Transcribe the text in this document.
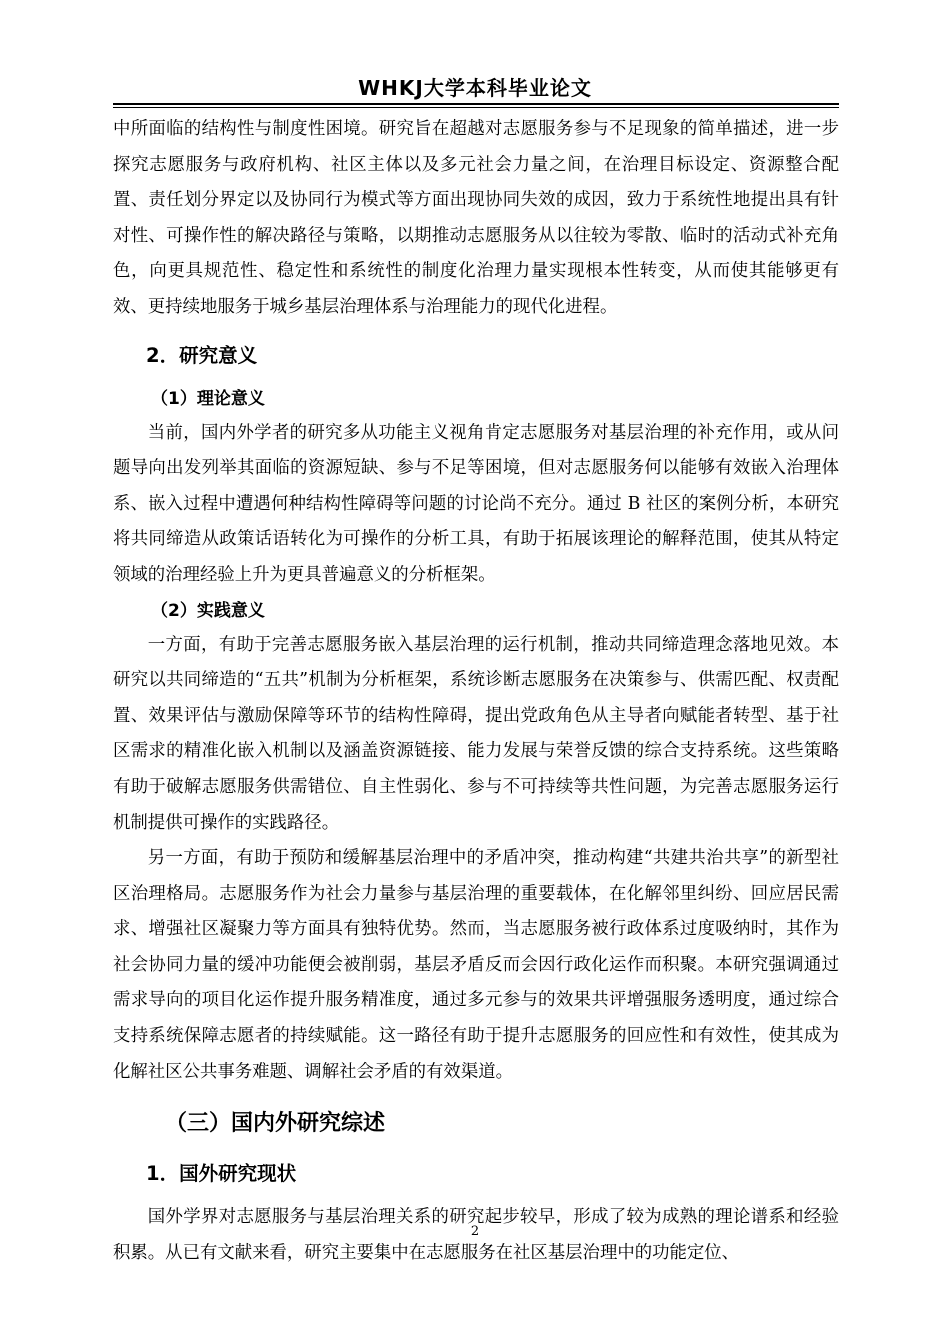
WHKJ大学本科毕业论文

中所面临的结构性与制度性困境。研究旨在超越对志愿服务参与不足现象的简单描述，进一步探究志愿服务与政府机构、社区主体以及多元社会力量之间，在治理目标设定、资源整合配置、责任划分界定以及协同行为模式等方面出现协同失效的成因，致力于系统性地提出具有针对性、可操作性的解决路径与策略，以期推动志愿服务从以往较为零散、临时的活动式补充角色，向更具规范性、稳定性和系统性的制度化治理力量实现根本性转变，从而使其能够更有效、更持续地服务于城乡基层治理体系与治理能力的现代化进程。

2．研究意义
（1）理论意义

当前，国内外学者的研究多从功能主义视角肯定志愿服务对基层治理的补充作用，或从问题导向出发列举其面临的资源短缺、参与不足等困境，但对志愿服务何以能够有效嵌入治理体系、嵌入过程中遭遇何种结构性障碍等问题的讨论尚不充分。通过 B 社区的案例分析，本研究将共同缔造从政策话语转化为可操作的分析工具，有助于拓展该理论的解释范围，使其从特定领域的治理经验上升为更具普遍意义的分析框架。

（2）实践意义

一方面，有助于完善志愿服务嵌入基层治理的运行机制，推动共同缔造理念落地见效。本研究以共同缔造的“五共”机制为分析框架，系统诊断志愿服务在决策参与、供需匹配、权责配置、效果评估与激励保障等环节的结构性障碍，提出党政角色从主导者向赋能者转型、基于社区需求的精准化嵌入机制以及涵盖资源链接、能力发展与荣誉反馈的综合支持系统。这些策略有助于破解志愿服务供需错位、自主性弱化、参与不可持续等共性问题，为完善志愿服务运行机制提供可操作的实践路径。

另一方面，有助于预防和缓解基层治理中的矛盾冲突，推动构建“共建共治共享”的新型社区治理格局。志愿服务作为社会力量参与基层治理的重要载体，在化解邻里纠纷、回应居民需求、增强社区凝聚力等方面具有独特优势。然而，当志愿服务被行政体系过度吸纳时，其作为社会协同力量的缓冲功能便会被削弱，基层矛盾反而会因行政化运作而积聚。本研究强调通过需求导向的项目化运作提升服务精准度，通过多元参与的效果共评增强服务透明度，通过综合支持系统保障志愿者的持续赋能。这一路径有助于提升志愿服务的回应性和有效性，使其成为化解社区公共事务难题、调解社会矛盾的有效渠道。

（三）国内外研究综述
1．国外研究现状

国外学界对志愿服务与基层治理关系的研究起步较早，形成了较为成熟的理论谱系和经验积累。从已有文献来看，研究主要集中在志愿服务在社区基层治理中的功能定位、

2
